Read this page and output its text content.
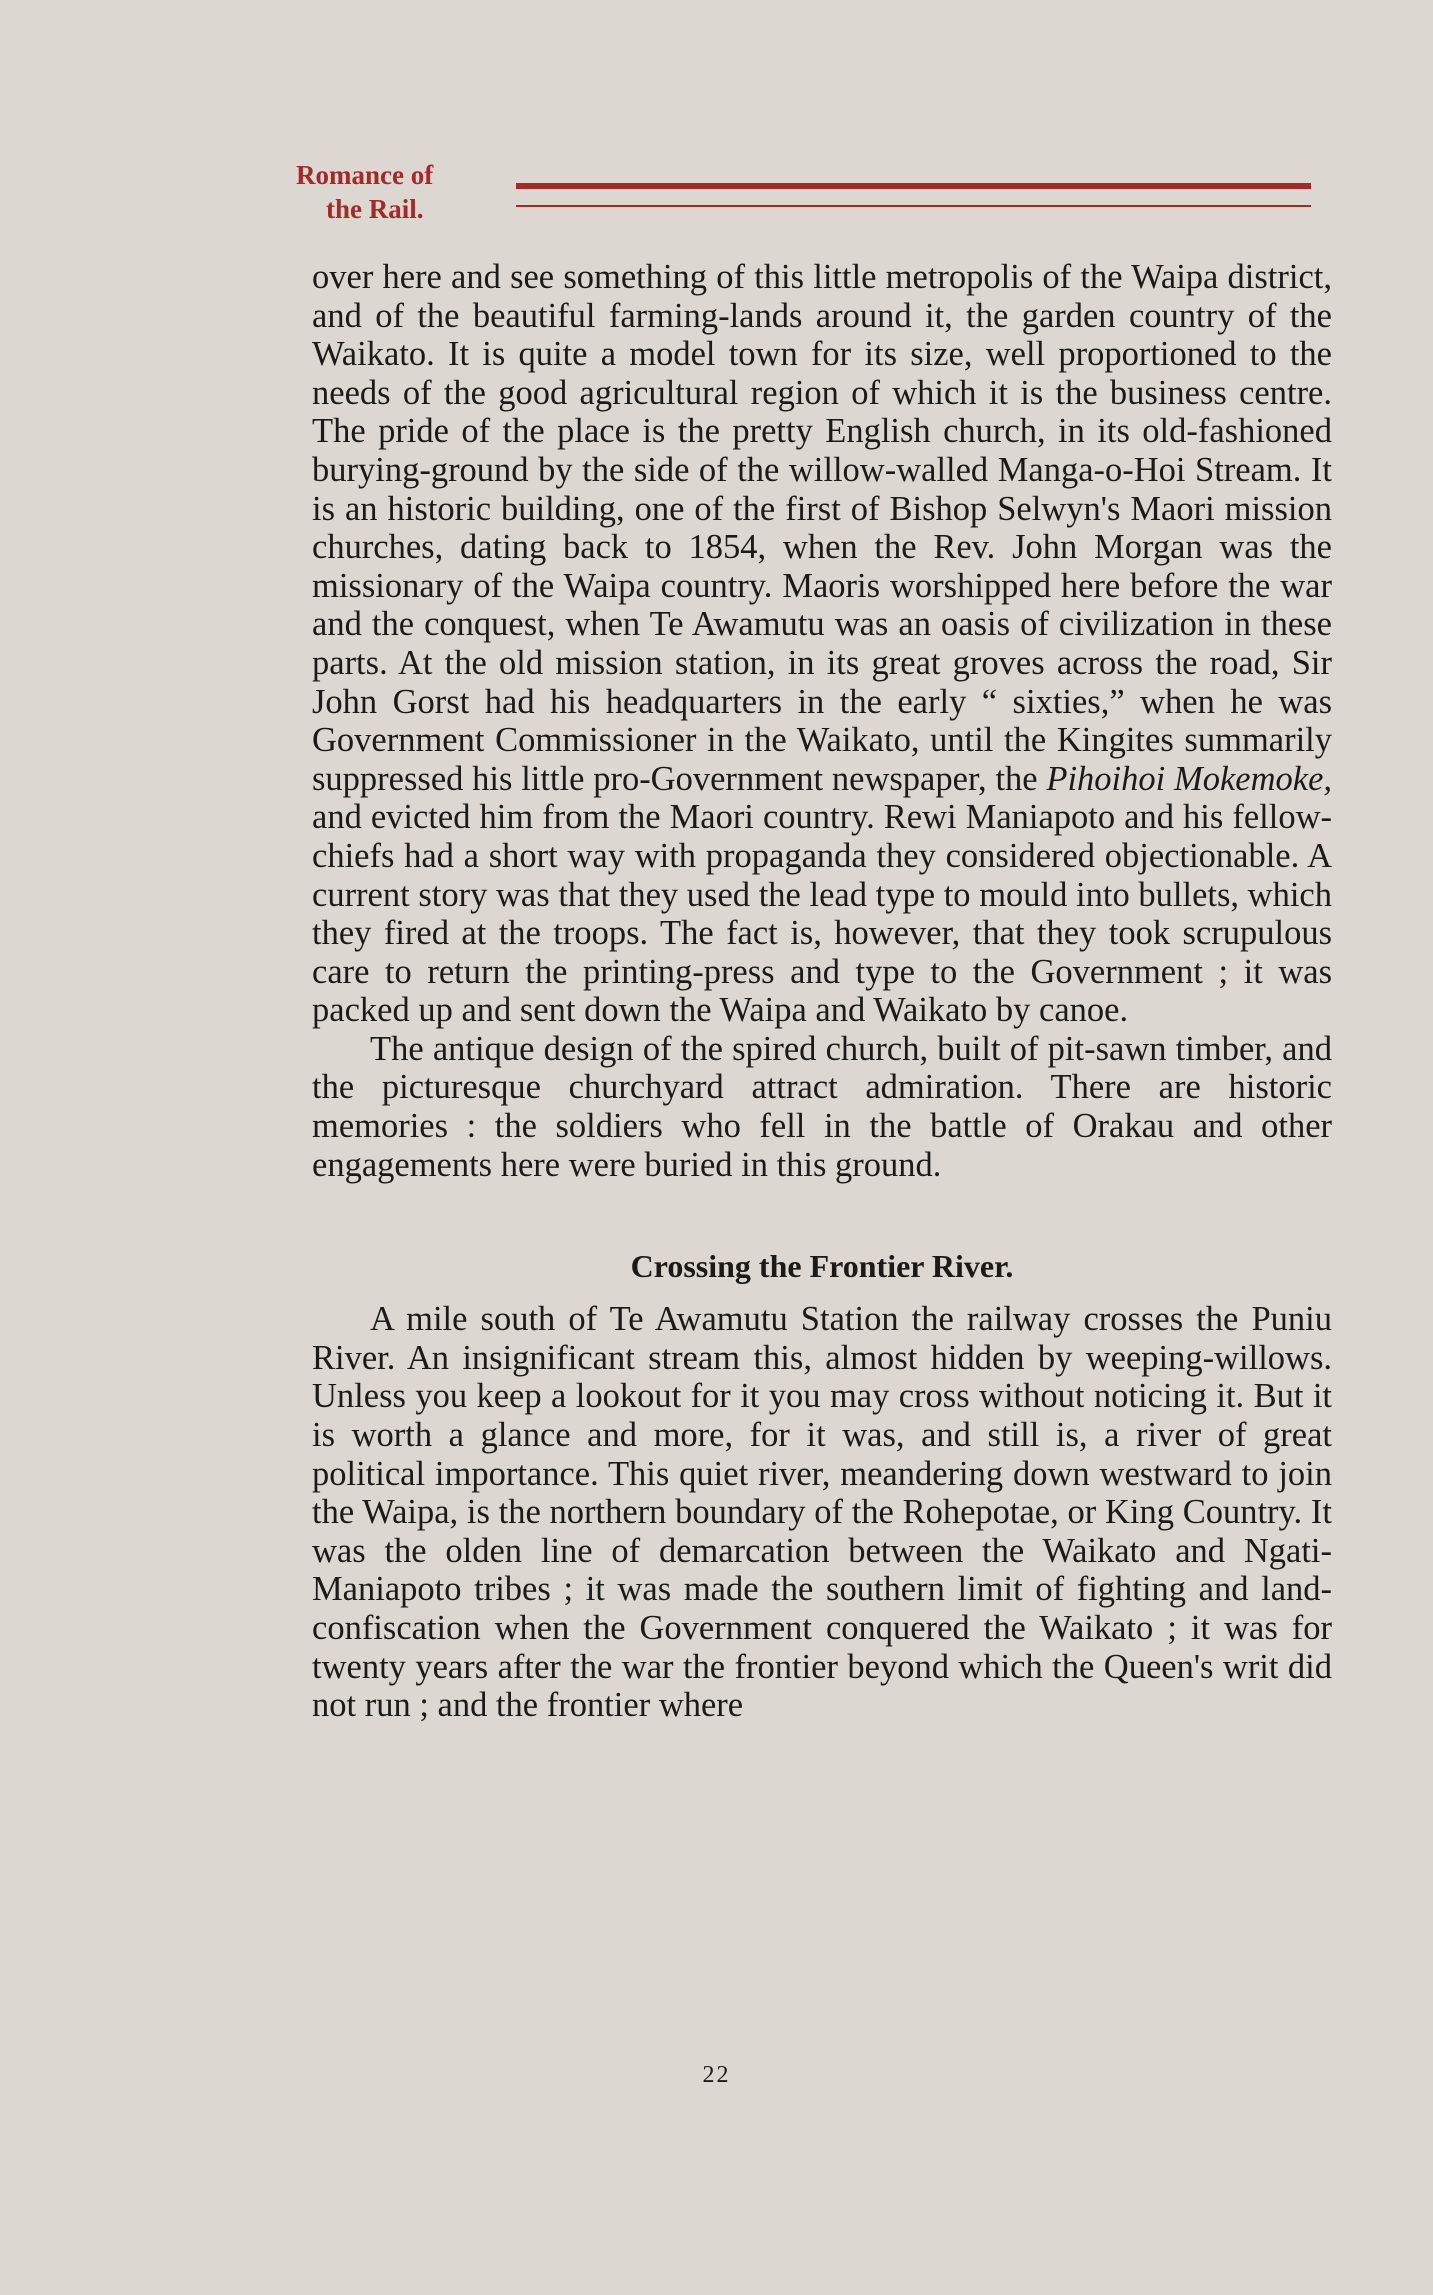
Romance of
the Rail.

over here and see something of this little metropolis of the Waipa district, and of the beautiful farming-lands around it, the garden country of the Waikato. It is quite a model town for its size, well proportioned to the needs of the good agricultural region of which it is the business centre. The pride of the place is the pretty English church, in its old-fashioned burying-ground by the side of the willow-walled Manga-o-Hoi Stream. It is an historic building, one of the first of Bishop Selwyn's Maori mission churches, dating back to 1854, when the Rev. John Morgan was the missionary of the Waipa country. Maoris worshipped here before the war and the conquest, when Te Awamutu was an oasis of civilization in these parts. At the old mission station, in its great groves across the road, Sir John Gorst had his headquarters in the early “ sixties,” when he was Government Commissioner in the Waikato, until the Kingites summarily suppressed his little pro-Government newspaper, the Pihoihoi Mokemoke, and evicted him from the Maori country. Rewi Maniapoto and his fellow-chiefs had a short way with propaganda they considered objectionable. A current story was that they used the lead type to mould into bullets, which they fired at the troops. The fact is, however, that they took scrupulous care to return the printing-press and type to the Government ; it was packed up and sent down the Waipa and Waikato by canoe.

The antique design of the spired church, built of pit-sawn timber, and the picturesque churchyard attract admiration. There are historic memories : the soldiers who fell in the battle of Orakau and other engagements here were buried in this ground.

Crossing the Frontier River.

A mile south of Te Awamutu Station the railway crosses the Puniu River. An insignificant stream this, almost hidden by weeping-willows. Unless you keep a lookout for it you may cross without noticing it. But it is worth a glance and more, for it was, and still is, a river of great political importance. This quiet river, meandering down westward to join the Waipa, is the northern boundary of the Rohepotae, or King Country. It was the olden line of demarcation between the Waikato and Ngati-Maniapoto tribes ; it was made the southern limit of fighting and land-confiscation when the Government conquered the Waikato ; it was for twenty years after the war the frontier beyond which the Queen's writ did not run ; and the frontier where

22
